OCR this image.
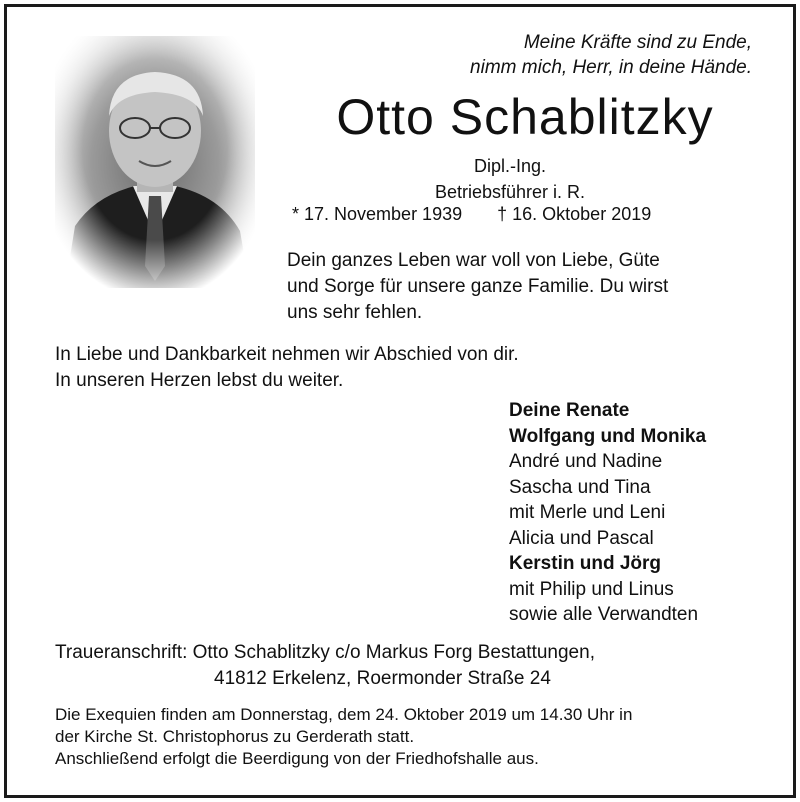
Meine Kräfte sind zu Ende,
nimm mich, Herr, in deine Hände.
Otto Schablitzky
Dipl.-Ing.
Betriebsführer i. R.
* 17. November 1939 † 16. Oktober 2019
Dein ganzes Leben war voll von Liebe, Güte
und Sorge für unsere ganze Familie. Du wirst
uns sehr fehlen.
In Liebe und Dankbarkeit nehmen wir Abschied von dir.
In unseren Herzen lebst du weiter.
Deine Renate
Wolfgang und Monika
André und Nadine
Sascha und Tina
mit Merle und Leni
Alicia und Pascal
Kerstin und Jörg
mit Philip und Linus
sowie alle Verwandten
Traueranschrift: Otto Schablitzky c/o Markus Forg Bestattungen,
41812 Erkelenz, Roermonder Straße 24
Die Exequien finden am Donnerstag, dem 24. Oktober 2019 um 14.30 Uhr in
der Kirche St. Christophorus zu Gerderath statt.
Anschließend erfolgt die Beerdigung von der Friedhofshalle aus.
